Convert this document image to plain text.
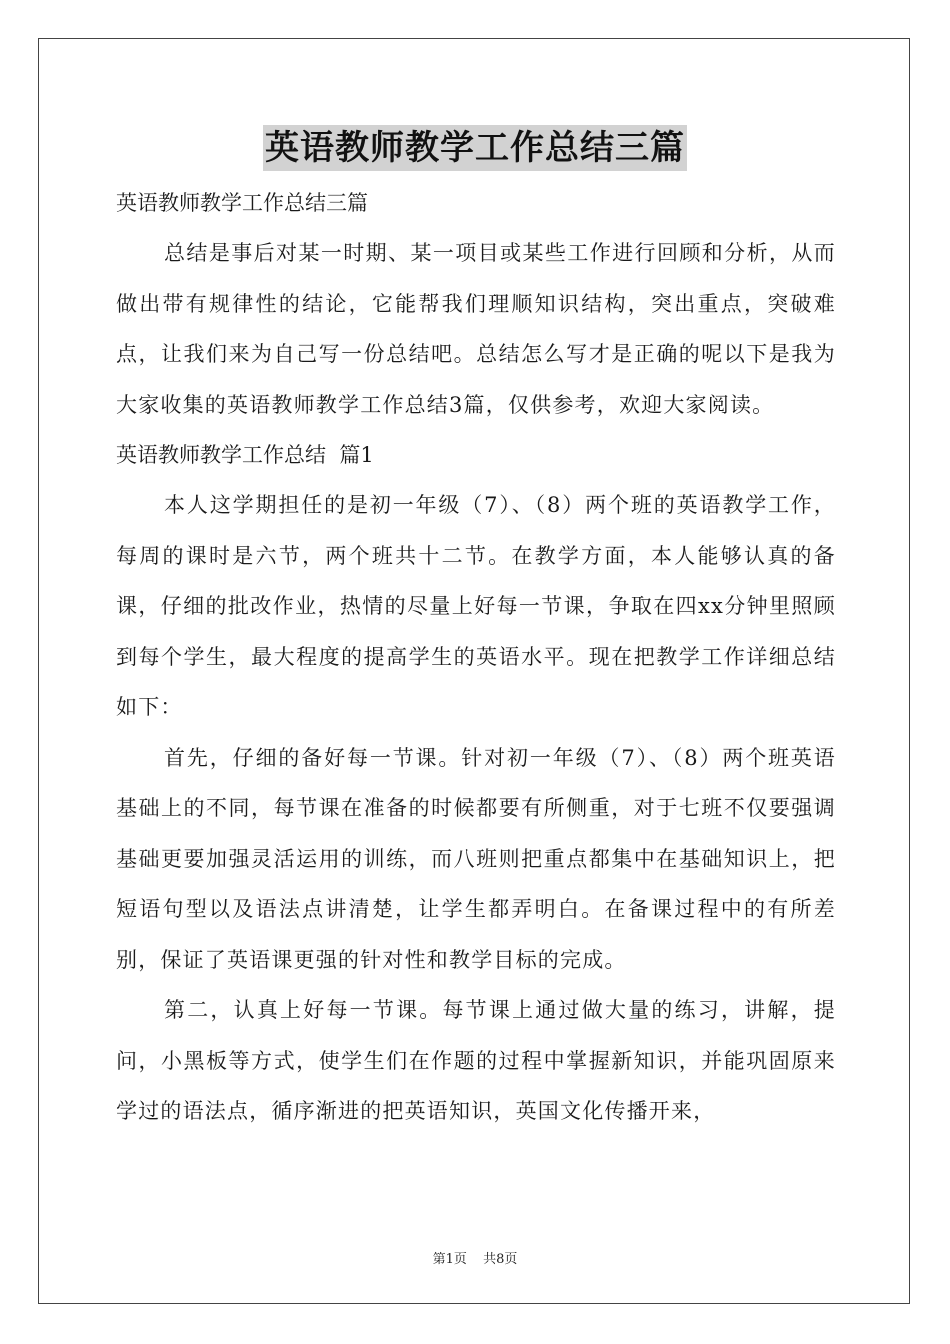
英语教师教学工作总结三篇

英语教师教学工作总结三篇

总结是事后对某一时期、某一项目或某些工作进行回顾和分析，从而做出带有规律性的结论，它能帮我们理顺知识结构，突出重点，突破难点，让我们来为自己写一份总结吧。总结怎么写才是正确的呢以下是我为大家收集的英语教师教学工作总结3篇，仅供参考，欢迎大家阅读。

英语教师教学工作总结  篇1

本人这学期担任的是初一年级（7）、（8）两个班的英语教学工作，每周的课时是六节，两个班共十二节。在教学方面，本人能够认真的备课，仔细的批改作业，热情的尽量上好每一节课，争取在四xx分钟里照顾到每个学生，最大程度的提高学生的英语水平。现在把教学工作详细总结如下：

首先，仔细的备好每一节课。针对初一年级（7）、（8）两个班英语基础上的不同，每节课在准备的时候都要有所侧重，对于七班不仅要强调基础更要加强灵活运用的训练，而八班则把重点都集中在基础知识上，把短语句型以及语法点讲清楚，让学生都弄明白。在备课过程中的有所差别，保证了英语课更强的针对性和教学目标的完成。

第二，认真上好每一节课。每节课上通过做大量的练习，讲解，提问，小黑板等方式，使学生们在作题的过程中掌握新知识，并能巩固原来学过的语法点，循序渐进的把英语知识，英国文化传播开来，

第1页 共8页
